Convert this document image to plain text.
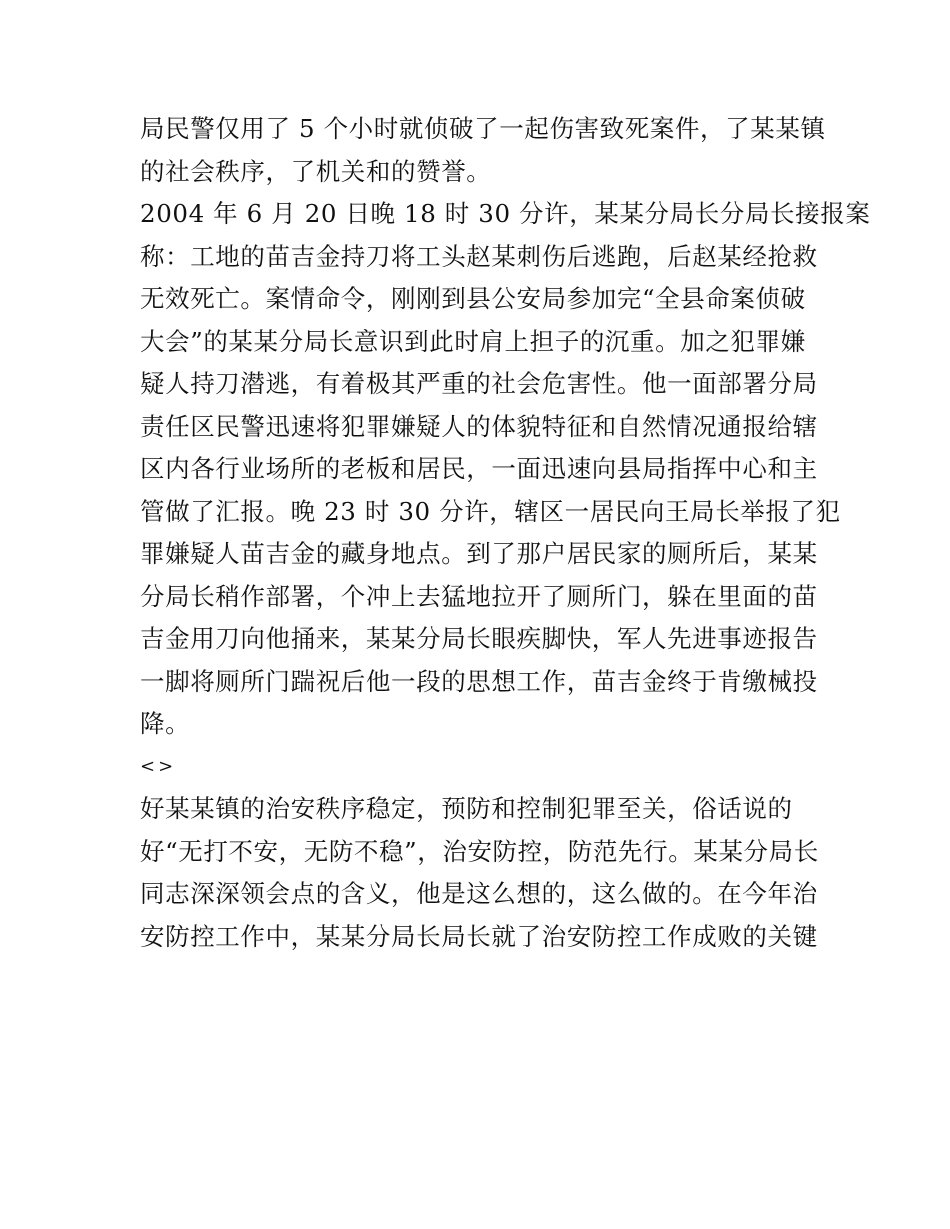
局民警仅用了 5 个小时就侦破了一起伤害致死案件，了某某镇
的社会秩序，了机关和的赞誉。
2004 年 6 月 20 日晚 18 时 30 分许，某某分局长分局长接报案
称：工地的苗吉金持刀将工头赵某刺伤后逃跑，后赵某经抢救
无效死亡。案情命令，刚刚到县公安局参加完“全县命案侦破
大会”的某某分局长意识到此时肩上担子的沉重。加之犯罪嫌
疑人持刀潜逃，有着极其严重的社会危害性。他一面部署分局
责任区民警迅速将犯罪嫌疑人的体貌特征和自然情况通报给辖
区内各行业场所的老板和居民，一面迅速向县局指挥中心和主
管做了汇报。晚 23 时 30 分许，辖区一居民向王局长举报了犯
罪嫌疑人苗吉金的藏身地点。到了那户居民家的厕所后，某某
分局长稍作部署，个冲上去猛地拉开了厕所门，躲在里面的苗
吉金用刀向他捅来，某某分局长眼疾脚快，军人先进事迹报告
一脚将厕所门踹祝后他一段的思想工作，苗吉金终于肯缴械投
降。
<>
好某某镇的治安秩序稳定，预防和控制犯罪至关，俗话说的
好“无打不安，无防不稳”，治安防控，防范先行。某某分局长
同志深深领会点的含义，他是这么想的，这么做的。在今年治
安防控工作中，某某分局长局长就了治安防控工作成败的关键
